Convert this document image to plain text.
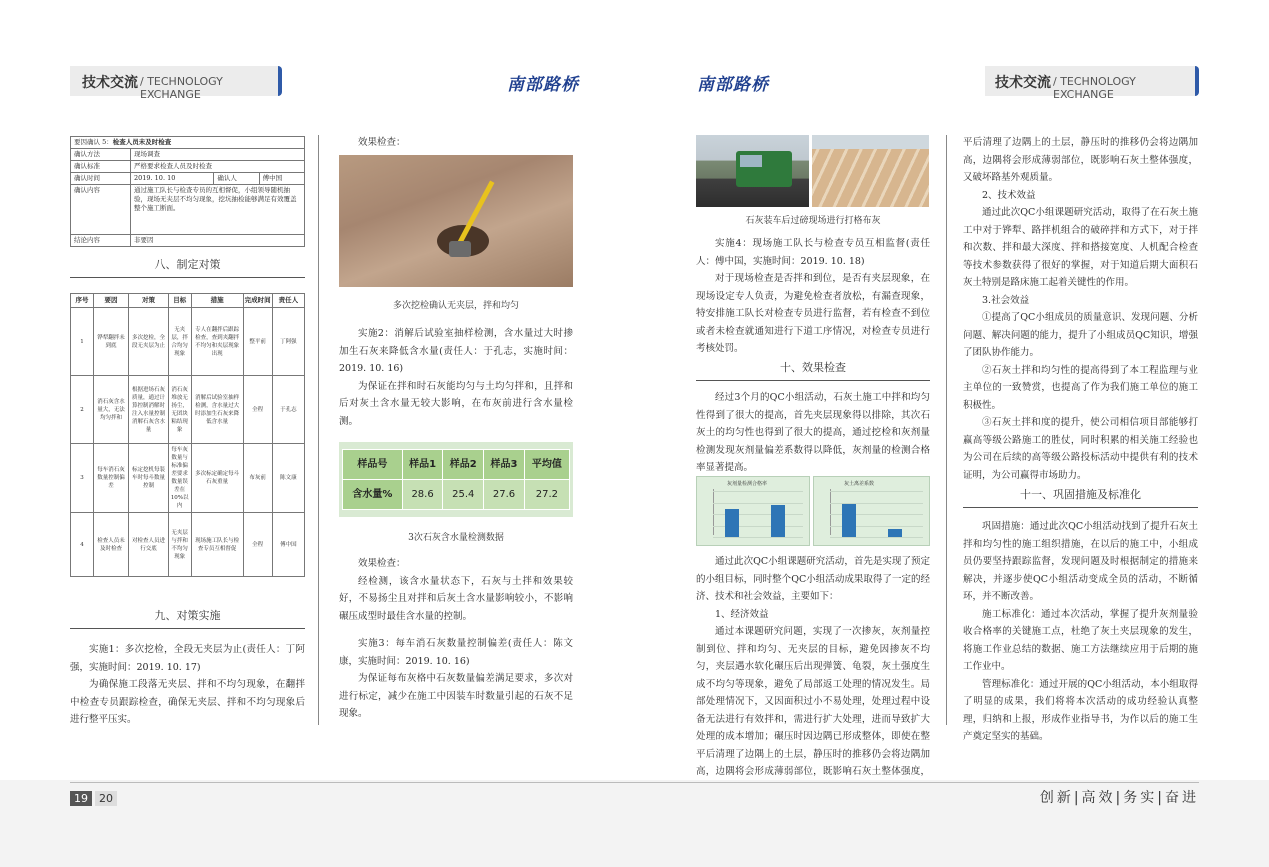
技术交流 / TECHNOLOGY EXCHANGE	南部路桥	南部路桥	技术交流 / TECHNOLOGY EXCHANGE
要因确认 5：检查人员未及时检查			
确认方法	现场调查		
确认标准	严格要求检查人员及时检查		
确认时间	2019. 10. 10	确认人	傅中国
确认内容	通过施工队长与检查专员的互相督促，小组领导随机抽验，现场无夹层不均匀现象，挖坑抽检能够满足有效覆盖整个施工断面。		
结论内容	非要因		
八、制定对策
序号	要因	对策	目标	措施	完成时间	责任人
1	铧犁翻拌未到底	多次挖检，全段无夹层为止	无夹层，拌合均匀现象	专人在翻拌后跟踪检查，查到夹翻拌不均匀和夹层现象出现	整平前	丁阿强
2	消石灰含水量大，无法均匀拌和	根据进场石灰质量，通过计算控制消解时注入水量控制消解石灰含水量	消石灰堆放无扬尘，无团块粘结现象	消解后试验室抽样检测，含水量过大时添加生石灰来降低含水量	全程	于孔志
3	每车消石灰数量控制偏差	标定挖机每装车时每斗数量控制	每车灰数量与标准偏差要求数量误差在10%以内	多次标定确定每斗石灰重量	布灰前	陈文康
4	检查人员未及时检查	对检查人员进行交底	无夹层与拌和不均匀现象	现场施工队长与检查专员互相督促	全程	傅中国
九、对策实施

实施1：多次挖检，全段无夹层为止(责任人：丁阿强，实施时间：2019. 10. 17)

为确保施工段落无夹层、拌和不均匀现象，在翻拌中检查专员跟踪检查，确保无夹层、拌和不均匀现象后进行整平压实。

效果检查：

多次挖检确认无夹层，拌和均匀

实施2：消解后试验室抽样检测，含水量过大时掺加生石灰来降低含水量(责任人：于孔志，实施时间：2019. 10. 16)

为保证在拌和时石灰能均匀与土均匀拌和，且拌和后对灰土含水量无较大影响，在布灰前进行含水量检测。

样品号	样品1	样品2	样品3	平均值
含水量%	28.6	25.4	27.6	27.2
3次石灰含水量检测数据

效果检查：

经检测，该含水量状态下，石灰与土拌和效果较好，不易扬尘且对拌和后灰土含水量影响较小，不影响碾压成型时最佳含水量的控制。

实施3：每车消石灰数量控制偏差(责任人：陈文康，实施时间：2019. 10. 16)

为保证每布灰格中石灰数量偏差满足要求，多次对进行标定，减少在施工中因装车时数量引起的石灰不足现象。

石灰装车后过磅现场进行打格布灰

实施4：现场施工队长与检查专员互相监督(责任人：傅中国，实施时间：2019. 10. 18)

对于现场检查是否拌和到位，是否有夹层现象，在现场设定专人负责，为避免检查者放松，有漏查现象，特安排施工队长对检查专员进行监督，若有检查不到位或者未检查就通知进行下道工序情况，对检查专员进行考核处罚。

十、效果检查

经过3个月的QC小组活动，石灰土施工中拌和均匀性得到了很大的提高，首先夹层现象得以排除，其次石灰土的均匀性也得到了很大的提高，通过挖检和灰剂量检测发现灰剂量偏差系数得以降低，灰剂量的检测合格率显著提高。

灰剂量检测合格率	灰土离差系数

通过此次QC小组课题研究活动，首先是实现了预定的小组目标，同时整个QC小组活动成果取得了一定的经济、技术和社会效益，主要如下：

1、经济效益

通过本课题研究问题，实现了一次掺灰，灰剂量控制到位、拌和均匀、无夹层的目标，避免因掺灰不均匀，夹层遇水软化碾压后出现弹簧、龟裂，灰土强度生成不均匀等现象，避免了局部返工处理的情况发生。局部处理情况下，又因面积过小不易处理，处理过程中设备无法进行有效拌和，需进行扩大处理，进而导致扩大处理的成本增加；碾压时因边隅已形成整体，即使在整平后清理了边隅上的土层，静压时的推移仍会将边隅加高，边隅将会形成薄弱部位，既影响石灰土整体强度，

平后清理了边隅上的土层，静压时的推移仍会将边隅加高，边隅将会形成薄弱部位，既影响石灰土整体强度，又破坏路基外观质量。

2、技术效益

通过此次QC小组课题研究活动，取得了在石灰土施工中对于铧犁、路拌机组合的破碎拌和方式下，对于拌和次数、拌和最大深度、拌和搭接宽度、人机配合检查等技术参数获得了很好的掌握，对于知道后期大面积石灰土特别是路床施工起着关键性的作用。

3.社会效益

①提高了QC小组成员的质量意识、发现问题、分析问题、解决问题的能力，提升了小组成员QC知识，增强了团队协作能力。

②石灰土拌和均匀性的提高得到了本工程监理与业主单位的一致赞赏，也提高了作为我们施工单位的施工积极性。

③石灰土拌和度的提升，使公司相信项目部能够打赢高等级公路施工的胜仗，同时积累的相关施工经验也为公司在后续的高等级公路投标活动中提供有利的技术证明，为公司赢得市场助力。

十一、巩固措施及标准化

巩固措施：通过此次QC小组活动找到了提升石灰土拌和均匀性的施工组织措施，在以后的施工中，小组成员仍要坚持跟踪监督，发现问题及时根据制定的措施来解决，并逐步使QC小组活动变成全员的活动，不断循环，并不断改善。

施工标准化：通过本次活动，掌握了提升灰剂量验收合格率的关键施工点，杜绝了灰土夹层现象的发生，将施工作业总结的数据、施工方法继续应用于后期的施工作业中。

管理标准化：通过开展的QC小组活动，本小组取得了明显的成果，我们将将本次活动的成功经验认真整理，归纳和上报，形成作业指导书，为作以后的施工生产奠定坚实的基础。

19	20	创新|高效|务实|奋进
